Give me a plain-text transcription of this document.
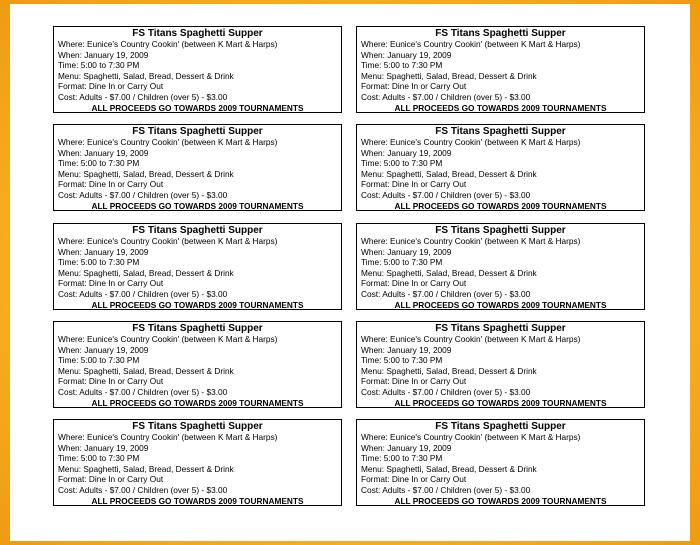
FS Titans Spaghetti Supper
Where: Eunice's Country Cookin' (between K Mart & Harps)
When: January 19, 2009
Time: 5:00 to 7:30 PM
Menu: Spaghetti, Salad, Bread, Dessert & Drink
Format: Dine In or Carry Out
Cost: Adults - $7.00 / Children (over 5) - $3.00
ALL PROCEEDS GO TOWARDS 2009 TOURNAMENTS
FS Titans Spaghetti Supper
Where: Eunice's Country Cookin' (between K Mart & Harps)
When: January 19, 2009
Time: 5:00 to 7:30 PM
Menu: Spaghetti, Salad, Bread, Dessert & Drink
Format: Dine In or Carry Out
Cost: Adults - $7.00 / Children (over 5) - $3.00
ALL PROCEEDS GO TOWARDS 2009 TOURNAMENTS
FS Titans Spaghetti Supper
Where: Eunice's Country Cookin' (between K Mart & Harps)
When: January 19, 2009
Time: 5:00 to 7:30 PM
Menu: Spaghetti, Salad, Bread, Dessert & Drink
Format: Dine In or Carry Out
Cost: Adults - $7.00 / Children (over 5) - $3.00
ALL PROCEEDS GO TOWARDS 2009 TOURNAMENTS
FS Titans Spaghetti Supper
Where: Eunice's Country Cookin' (between K Mart & Harps)
When: January 19, 2009
Time: 5:00 to 7:30 PM
Menu: Spaghetti, Salad, Bread, Dessert & Drink
Format: Dine In or Carry Out
Cost: Adults - $7.00 / Children (over 5) - $3.00
ALL PROCEEDS GO TOWARDS 2009 TOURNAMENTS
FS Titans Spaghetti Supper
Where: Eunice's Country Cookin' (between K Mart & Harps)
When: January 19, 2009
Time: 5:00 to 7:30 PM
Menu: Spaghetti, Salad, Bread, Dessert & Drink
Format: Dine In or Carry Out
Cost: Adults - $7.00 / Children (over 5) - $3.00
ALL PROCEEDS GO TOWARDS 2009 TOURNAMENTS
FS Titans Spaghetti Supper
Where: Eunice's Country Cookin' (between K Mart & Harps)
When: January 19, 2009
Time: 5:00 to 7:30 PM
Menu: Spaghetti, Salad, Bread, Dessert & Drink
Format: Dine In or Carry Out
Cost: Adults - $7.00 / Children (over 5) - $3.00
ALL PROCEEDS GO TOWARDS 2009 TOURNAMENTS
FS Titans Spaghetti Supper
Where: Eunice's Country Cookin' (between K Mart & Harps)
When: January 19, 2009
Time: 5:00 to 7:30 PM
Menu: Spaghetti, Salad, Bread, Dessert & Drink
Format: Dine In or Carry Out
Cost: Adults - $7.00 / Children (over 5) - $3.00
ALL PROCEEDS GO TOWARDS 2009 TOURNAMENTS
FS Titans Spaghetti Supper
Where: Eunice's Country Cookin' (between K Mart & Harps)
When: January 19, 2009
Time: 5:00 to 7:30 PM
Menu: Spaghetti, Salad, Bread, Dessert & Drink
Format: Dine In or Carry Out
Cost: Adults - $7.00 / Children (over 5) - $3.00
ALL PROCEEDS GO TOWARDS 2009 TOURNAMENTS
FS Titans Spaghetti Supper
Where: Eunice's Country Cookin' (between K Mart & Harps)
When: January 19, 2009
Time: 5:00 to 7:30 PM
Menu: Spaghetti, Salad, Bread, Dessert & Drink
Format: Dine In or Carry Out
Cost: Adults - $7.00 / Children (over 5) - $3.00
ALL PROCEEDS GO TOWARDS 2009 TOURNAMENTS
FS Titans Spaghetti Supper
Where: Eunice's Country Cookin' (between K Mart & Harps)
When: January 19, 2009
Time: 5:00 to 7:30 PM
Menu: Spaghetti, Salad, Bread, Dessert & Drink
Format: Dine In or Carry Out
Cost: Adults - $7.00 / Children (over 5) - $3.00
ALL PROCEEDS GO TOWARDS 2009 TOURNAMENTS
